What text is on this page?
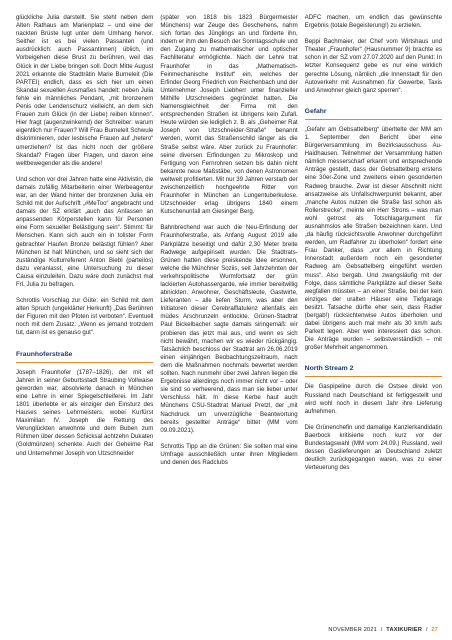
glückliche Julia darstellt. Sie steht neben dem Alten Rathaus am Marienplatz – und eine der nackten Brüste lugt unter dem Umhang hervor. Seither ist es bei vielen Passanten (und ausdrücklich: auch Passantinnen) üblich, im Vorbeigehen diese Brust zu berühren, weil das Glück in der Liebe bringen soll. Doch Mitte August 2021 erkannte die Stadträtin Marie Burneleit (Die PARTEI) endlich, dass es sich hier um einen Skandal sexuellen Ausmaßes handelt: neben Julia fehle ein männliches Pendant, „mit bronzenem Penis oder Lendenschurz vielleicht, an dem sich Frauen zum Glück (in der Liebe) reiben können“. Hier fragt (augenzwinkernd) der Schreiber: warum eigentlich nur Frauen? Will Frau Burneleit Schwule diskriminieren, oder lesbische Frauen auf „hetero“ umerziehen? Ist das nicht noch der größere Skandal? Fragen über Fragen, und davon eine weltbewegender als die andere!

Und schon vor drei Jahren hatte eine Aktivistin, die damals zufällig Mitarbeiterin einer Werbeagentur war, an der Wand hinter der bronzenen Julia ein Schild mit der Aufschrift „#MeToo“ angebracht und damals der SZ erklärt „auch das Anfassen an anpassenden Körperstellen kann für Personen eine Form sexueller Belästigung sein“. Stimmt: für Menschen. Kann sich auch ein in tollster Form gebrachter Haufen Bronze belästigt fühlen? Aber München ist halt München, und so sieht sich der zuständige Kulturreferent Anton Biebl (parteilos) dazu veranlasst, eine Untersuchung zu dieser Causa einzuleiten. Dazu wäre doch zunächst mal Frl. Julia zu befragen.

Schrottis Vorschlag zur Güte: ein Schild mit dem alten Spruch (ungeklärter Herkunft) „Das Berühren der Figuren mit den Pfoten ist verboten“. Eventuell noch mit dem Zusatz: „Wenn es jemand trotzdem tut, dann ist es genauso gut“.

Fraunhoferstraße

Joseph Fraunhofer (1787–1826), der mit elf Jahren in seiner Geburtsstadt Straubing Vollwaise geworden war, absolvierte danach in München eine Lehre in einer Spiegelschleiferei. Im Jahr 1801 überlebte er als einziger den Einsturz des Hauses seines Lehrmeisters, wobei Kurfürst Maximilian IV. Joseph die Rettung des Verunglückten anwohnte und dem Buben zum Rühmen über dessen Schicksal achtzehn Dukaten (Goldmünzen) schenkte. Auch der Geheime Rat und Unternehmer Joseph von Utzschneider

(später von 1818 bis 1823 Bürgermeister Münchens) war Zeuge des Geschehens, nahm sich fortan des Jünglings an und förderte ihn, indem er ihm den Besuch der Sonntagsschule und den Zugang zu mathematischer und optischer Fachliteratur ermöglichte. Nach der Lehre trat Fraunhofer in das „Mathematisch-Feinmechanische Institut“ ein, welches der Erfinder Georg Friedrich von Reichenbach und der Unternehmer Joseph Liebherr unter finanzieller Mithilfe Utzschneiders gegründet hatten. Die Namensgleichheit der Firma mit den entsprechenden Straßen ist übrigens kein Zufall. Heute würden sie lediglich z. B. als „Geheimer Rat Joseph von Utzschneider-Straße“ benannt werden, womit das Straßenschild länger als die Straße selbst wäre. Aber zurück zu Fraunhofer: seine diversen Erfindungen zu Mikroskop und Fertigung von Fernrohren setzen bis dahin nicht bekannte neue Maßstäbe, von denen Astronomen weltweit profitierten. Mit nur 39 Jahren verstarb der zwischenzeitlich hochgeehrte Ritter von Fraunhofer in München an Lungentuberkulose. Utzschneider erlag übrigens 1840 einem Kutschenunfall am Giesinger Berg.

Bahnbrechend war auch die Neu-Erfindung der Fraunhoferstraße, als Anfang August 2019 alle Parkplätze beseitigt und dafür 2,30 Meter breite Radwege aufgepinselt wurden. Die Stadtrats-Grünen hatten diese preiskende Idee ersonnen, welche die Münchner Soziis, seit Jahrzehnten der verkehrspolitische Wurmfortsatz der grün lackierten Autohassergarde, wie immer bereitwillig abnickten. Anwohner, Geschäftsleute, Gastwirte, Lieferanten – alle liefen Sturm, was aber den Initiatoren dieser Cerebralflatulenz allenfalls ein müdes Arschrunzeln entlockte. Grünen-Stadtrat Paul Bickelbacher sagte damals siringemäß: wir probieren das jetzt mal aus, und wenn es sich nicht bewährt, machen wir es wieder rückgängig. Tatsächlich beschloss der Stadtrat am 26.06.2019 einen einjährigen Beobachtungszeitraum, nach dem die Maßnahmen nochmals bewertet werden sollten. Nach nunmehr über zwei Jahren liegen die Ergebnisse allerdings noch immer nicht vor – oder sie sind so verheerend, dass man sie lieber unter Verschluss hält. In diese Kerbe haut auch Münchens CSU-Stadtrat Manuel Pretzl, der „mit Nachdruck um unverzügliche Beantwortung bereits gestellter Anträge“ bittet (MM vom 09.09.2021).

Schrottis Tipp an die Grünen: Sie sollten mal eine Umfrage ausschließlich unter ihren Mitgliedern und denen des Radclubs

ADFC machen, um endlich das gewünschte Ergebnis (totale Begeisterung!) zu erzielen.

Beppi Bachmaier, der Chef vom Wirtshaus und Theater „Fraunhofer“ (Hausnummer 9) brachte es schon in der SZ vom 27.07.2020 auf den Punkt: In letzter Konsequenz gebe es nur eine wirklich gerechte Lösung, nämlich „die Innenstadt für den Autoverkehr mit Ausnahmen für Gewerbe, Taxis und Anwohner gleich ganz sperren“.

Gefahr

„Gefahr am Gebsattelberg“ überltelte der MM am 1. September den Bericht über eine Bürgerversammlung im Bezirksausschuss Au-Haidhausen. Teilnehmer der Versammlung hatten nämlich messerscharf erkannt und entsprechende Anträge gestellt, dass der Gebsattelberg erstens eine 30er-Zone und zweitens einen gesonderten Radweg brauche. Zwar ist dieser Abschnitt nicht ansatzweise als Unfallschwerpunkt bekannt, aber „manche Autos nutzen die Straße fast schon als Rollerstrecke“, meinte ein Herr Strons – was man wohl getrost als Totschlagargument für ausnahmslos alle Straßen bezeichnen kann. Und „da häufig rücksichtsvolle Anwohner durchgeführt werden, um Radfahrer zu überholen“ fordert eine Frau Danker, dass „vor allem in Richtung Innenstadt außerdem noch ein gesonderter Radweg am Gebsattelberg eingeführt werden muss“. Also bergab. Und zwangsläufig mit der Folge, dass sämtliche Parkplätze auf dieser Seite wegfallen müssten – an einer Straße, bei der kein einziges der uralten Häuser eine Tiefgarage besitzt. Tatsache dürfte eher sein, dass Radler (bergab!) rücksichtenwise Autos überholen und dabei übrigens auch mal mehr als 30 km/h aufs Parkett legen. Aber wen interessiert das schon. Die Anträge wurden – selbstverständlich – mit großer Mehrheit angenommen.

North Stream 2

Die Gaspipeline durch die Ostsee direkt von Russland nach Deutschland ist fertiggestellt und wird wohl noch in diesem Jahr ihre Lieferung aufnehmen.

Die Grünenchefin und damalige Kanzlerkandidatin Baerbock kritisierte noch kurz vor der Bundestagswahl (MM vom 24.09.) Russland, weil dessen Gaslieferungen an Deutschland zuletzt deutlich zurückgegangen waren, was zu einer Verteuerung des

NOVEMBER 2021 / TAXIKURIER / 27
